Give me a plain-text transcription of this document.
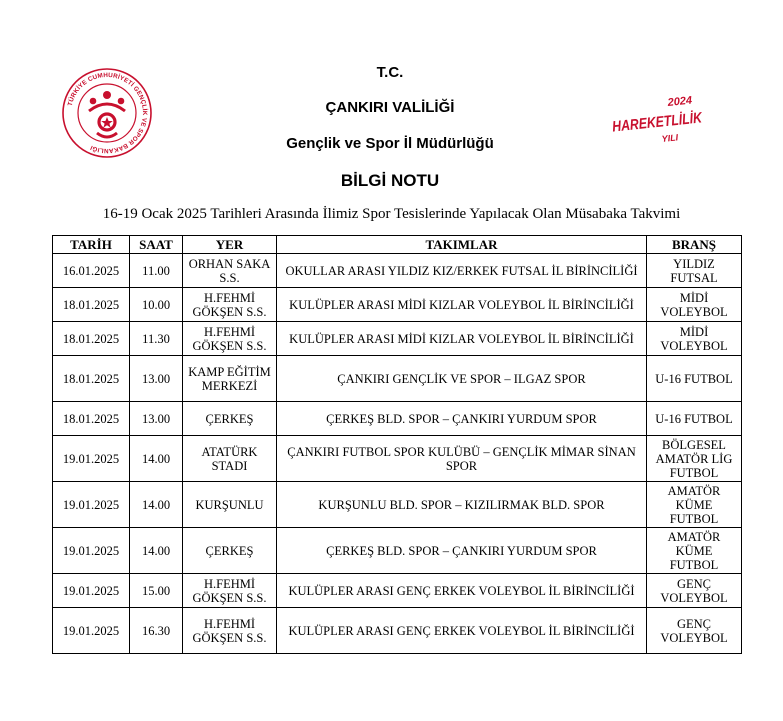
TÜRKİYE CUMHURİYETİ GENÇLİK VE SPOR BAKANLIĞI
2024
HAREKETLİLİK
YILI
T.C.
ÇANKIRI VALİLİĞİ
Gençlik ve Spor İl Müdürlüğü
BİLGİ NOTU
16-19 Ocak 2025 Tarihleri Arasında İlimiz Spor Tesislerinde Yapılacak Olan Müsabaka Takvimi
TARİH	SAAT	YER	TAKIMLAR	BRANŞ
16.01.2025	11.00	ORHAN SAKA S.S.	OKULLAR ARASI YILDIZ KIZ/ERKEK FUTSAL İL BİRİNCİLİĞİ	YILDIZ FUTSAL
18.01.2025	10.00	H.FEHMİ GÖKŞEN S.S.	KULÜPLER ARASI MİDİ KIZLAR VOLEYBOL İL BİRİNCİLİĞİ	MİDİ VOLEYBOL
18.01.2025	11.30	H.FEHMİ GÖKŞEN S.S.	KULÜPLER ARASI MİDİ KIZLAR VOLEYBOL İL BİRİNCİLİĞİ	MİDİ VOLEYBOL
18.01.2025	13.00	KAMP EĞİTİM MERKEZİ	ÇANKIRI GENÇLİK VE SPOR – ILGAZ SPOR	U-16 FUTBOL
18.01.2025	13.00	ÇERKEŞ	ÇERKEŞ BLD. SPOR – ÇANKIRI YURDUM SPOR	U-16 FUTBOL
19.01.2025	14.00	ATATÜRK STADI	ÇANKIRI FUTBOL SPOR KULÜBÜ – GENÇLİK MİMAR SİNAN SPOR	BÖLGESEL AMATÖR LİG FUTBOL
19.01.2025	14.00	KURŞUNLU	KURŞUNLU BLD. SPOR – KIZILIRMAK BLD. SPOR	AMATÖR KÜME FUTBOL
19.01.2025	14.00	ÇERKEŞ	ÇERKEŞ BLD. SPOR – ÇANKIRI YURDUM SPOR	AMATÖR KÜME FUTBOL
19.01.2025	15.00	H.FEHMİ GÖKŞEN S.S.	KULÜPLER ARASI GENÇ ERKEK VOLEYBOL İL BİRİNCİLİĞİ	GENÇ VOLEYBOL
19.01.2025	16.30	H.FEHMİ GÖKŞEN S.S.	KULÜPLER ARASI GENÇ ERKEK VOLEYBOL İL BİRİNCİLİĞİ	GENÇ VOLEYBOL
